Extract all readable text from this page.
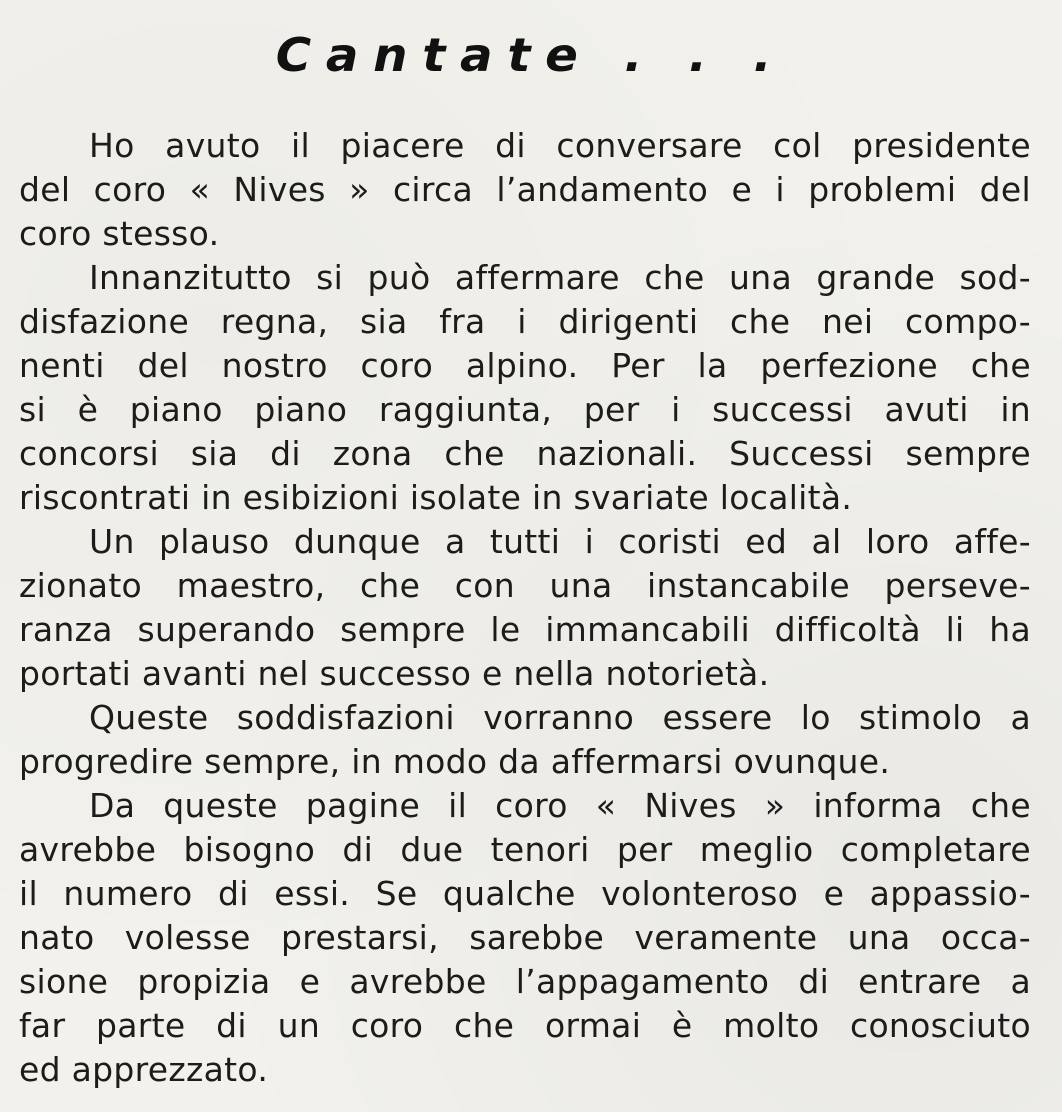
Cantate . . .
Ho avuto il piacere di conversare col presidente
del coro « Nives » circa l’andamento e i problemi del
coro stesso.
Innanzitutto si può affermare che una grande sod-
disfazione regna, sia fra i dirigenti che nei compo-
nenti del nostro coro alpino. Per la perfezione che
si è piano piano raggiunta, per i successi avuti in
concorsi sia di zona che nazionali. Successi sempre
riscontrati in esibizioni isolate in svariate località.
Un plauso dunque a tutti i coristi ed al loro affe-
zionato maestro, che con una instancabile perseve-
ranza superando sempre le immancabili difficoltà li ha
portati avanti nel successo e nella notorietà.
Queste soddisfazioni vorranno essere lo stimolo a
progredire sempre, in modo da affermarsi ovunque.
Da queste pagine il coro « Nives » informa che
avrebbe bisogno di due tenori per meglio completare
il numero di essi. Se qualche volonteroso e appassio-
nato volesse prestarsi, sarebbe veramente una occa-
sione propizia e avrebbe l’appagamento di entrare a
far parte di un coro che ormai è molto conosciuto
ed apprezzato.
